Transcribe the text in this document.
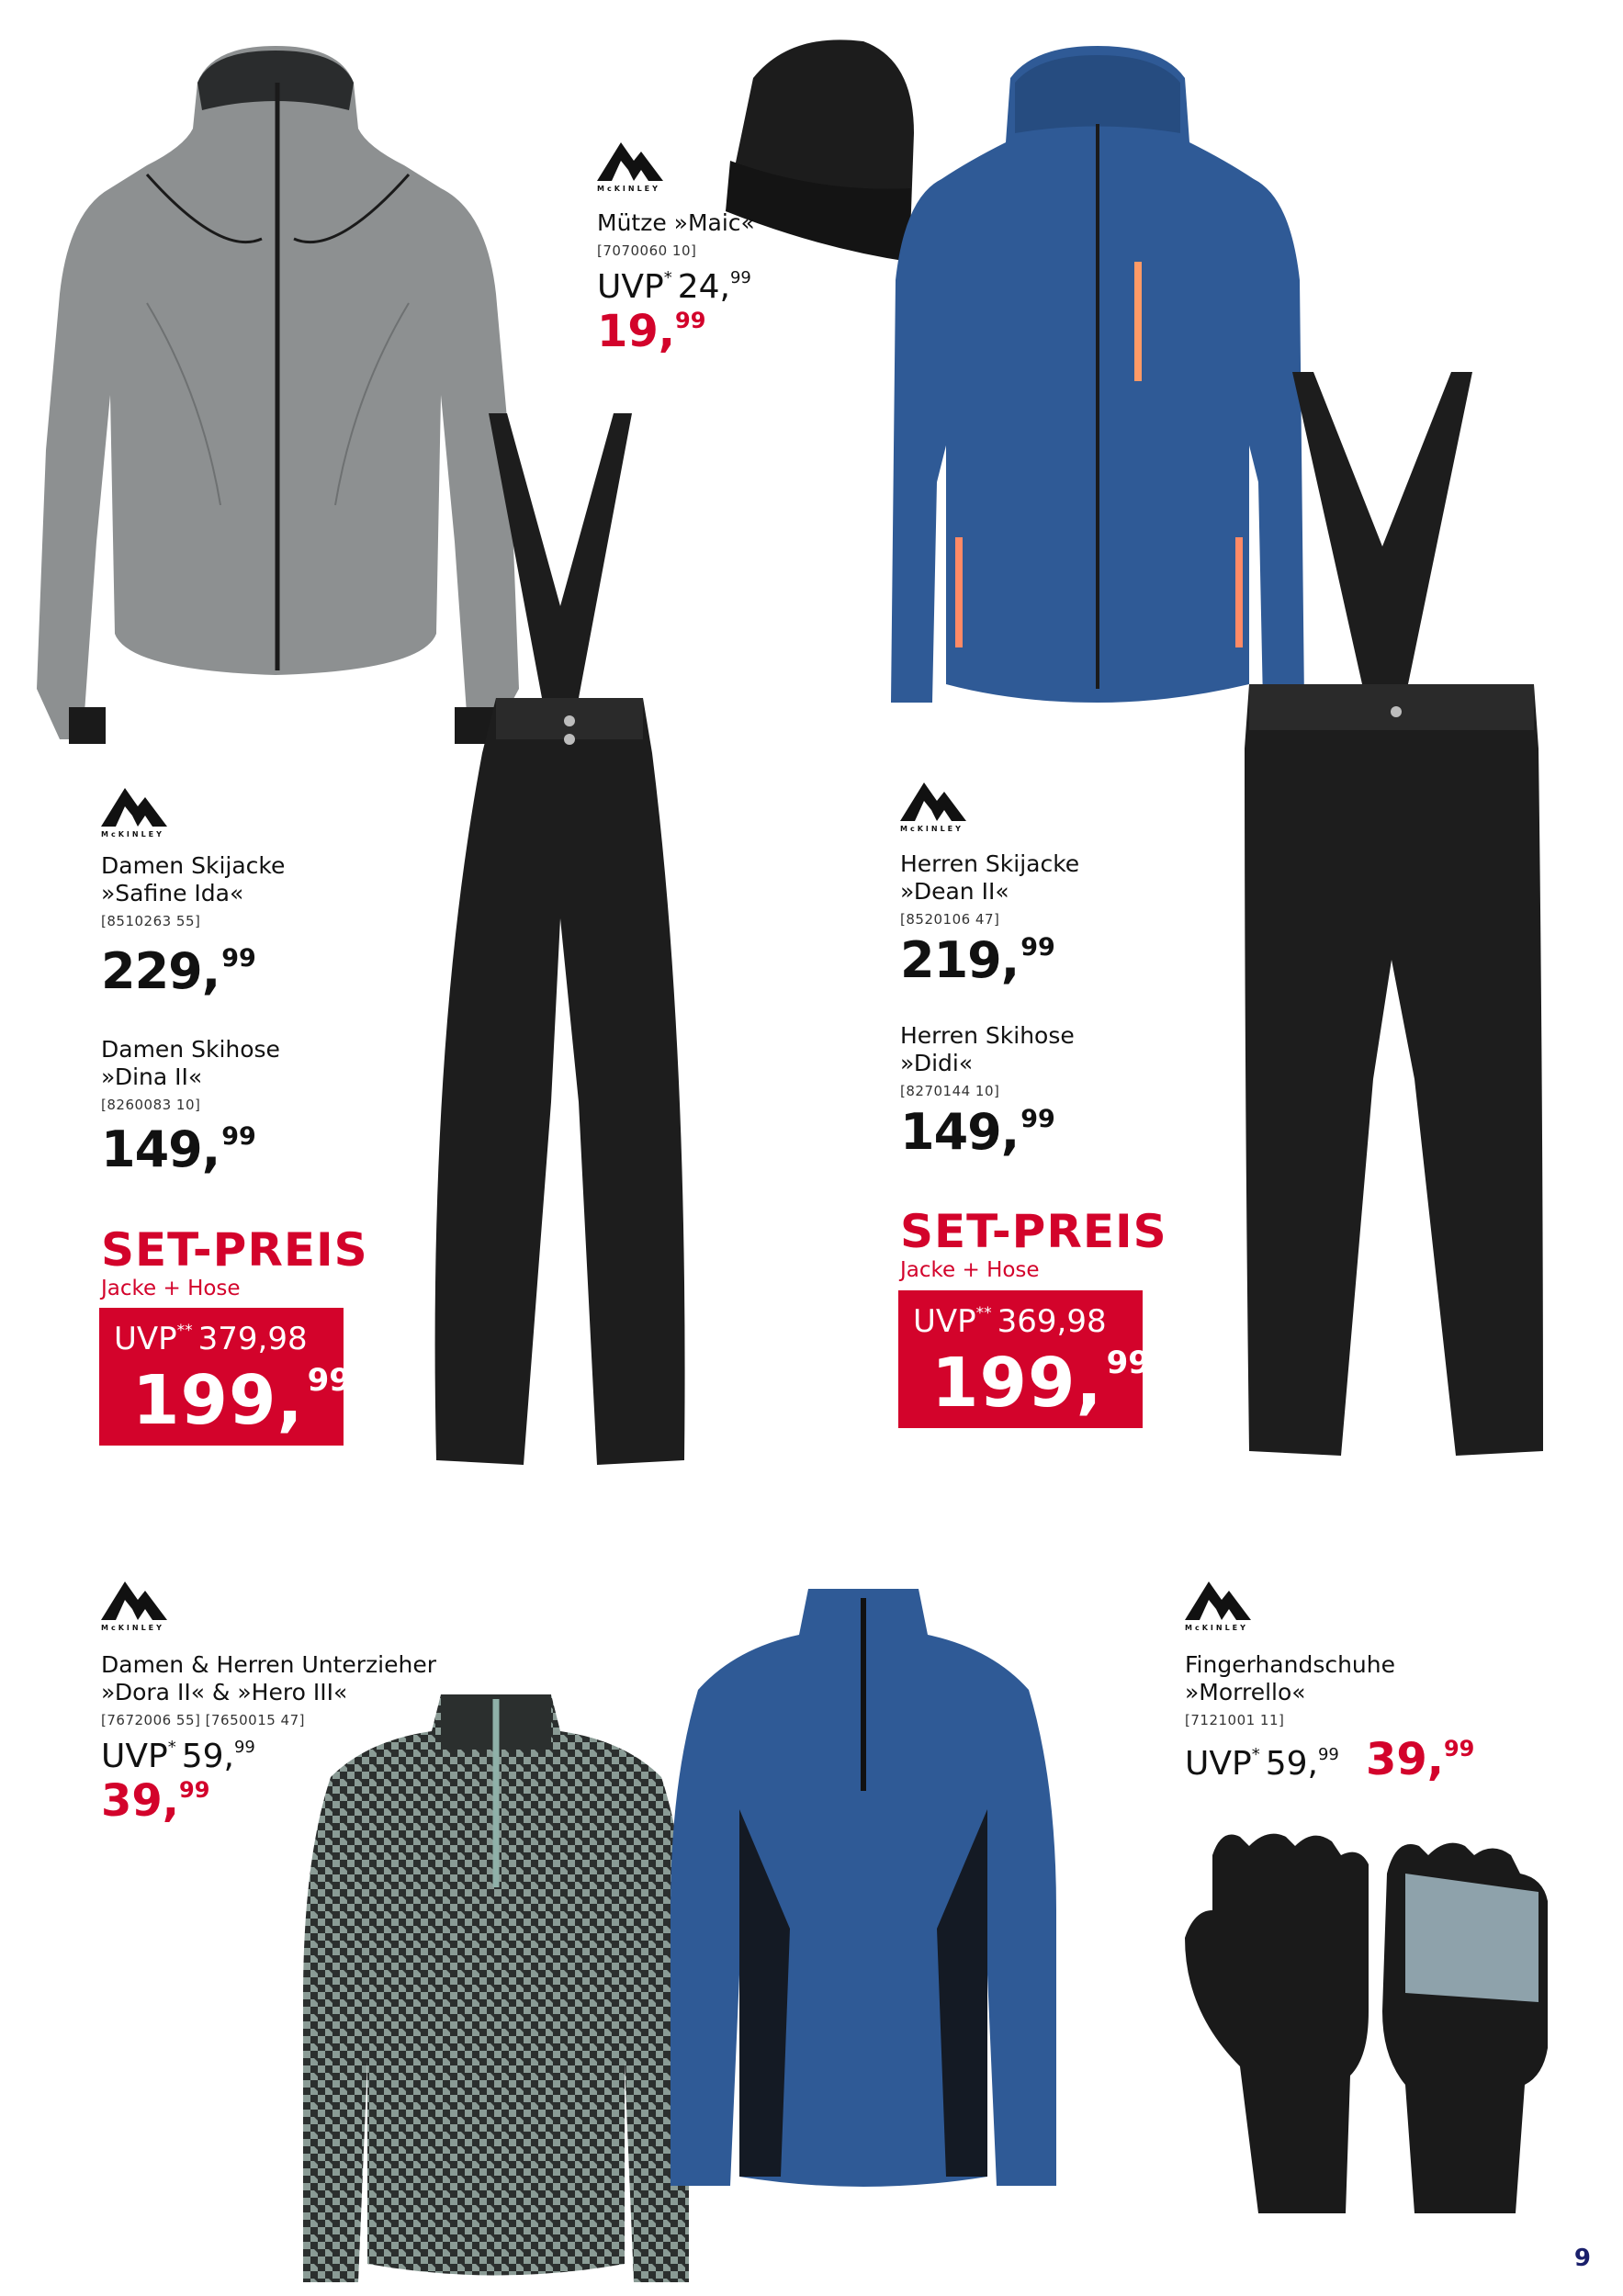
McKINLEY
Mütze »Maic«
[7070060 10]
UVP* 24,99
19,99
McKINLEY
Damen Skijacke
»Safine Ida«
[8510263 55]
229,99
Damen Skihose
»Dina II«
[8260083 10]
149,99
SET-PREIS
Jacke + Hose
UVP** 379,98
199, $^{99}$
McKINLEY
Herren Skijacke
»Dean II«
[8520106 47]
219,99
Herren Skihose
»Didi«
[8270144 10]
149,99
SET-PREIS
Jacke + Hose
UVP** 369,98
199, $^{99}$
McKINLEY
Damen & Herren Unterzieher
»Dora II« & »Hero III«
[7672006 55] [7650015 47]
UVP* 59,99
39,99
McKINLEY
Fingerhandschuhe
»Morrello«
[7121001 11]
UVP* 59,99 39,99
9
